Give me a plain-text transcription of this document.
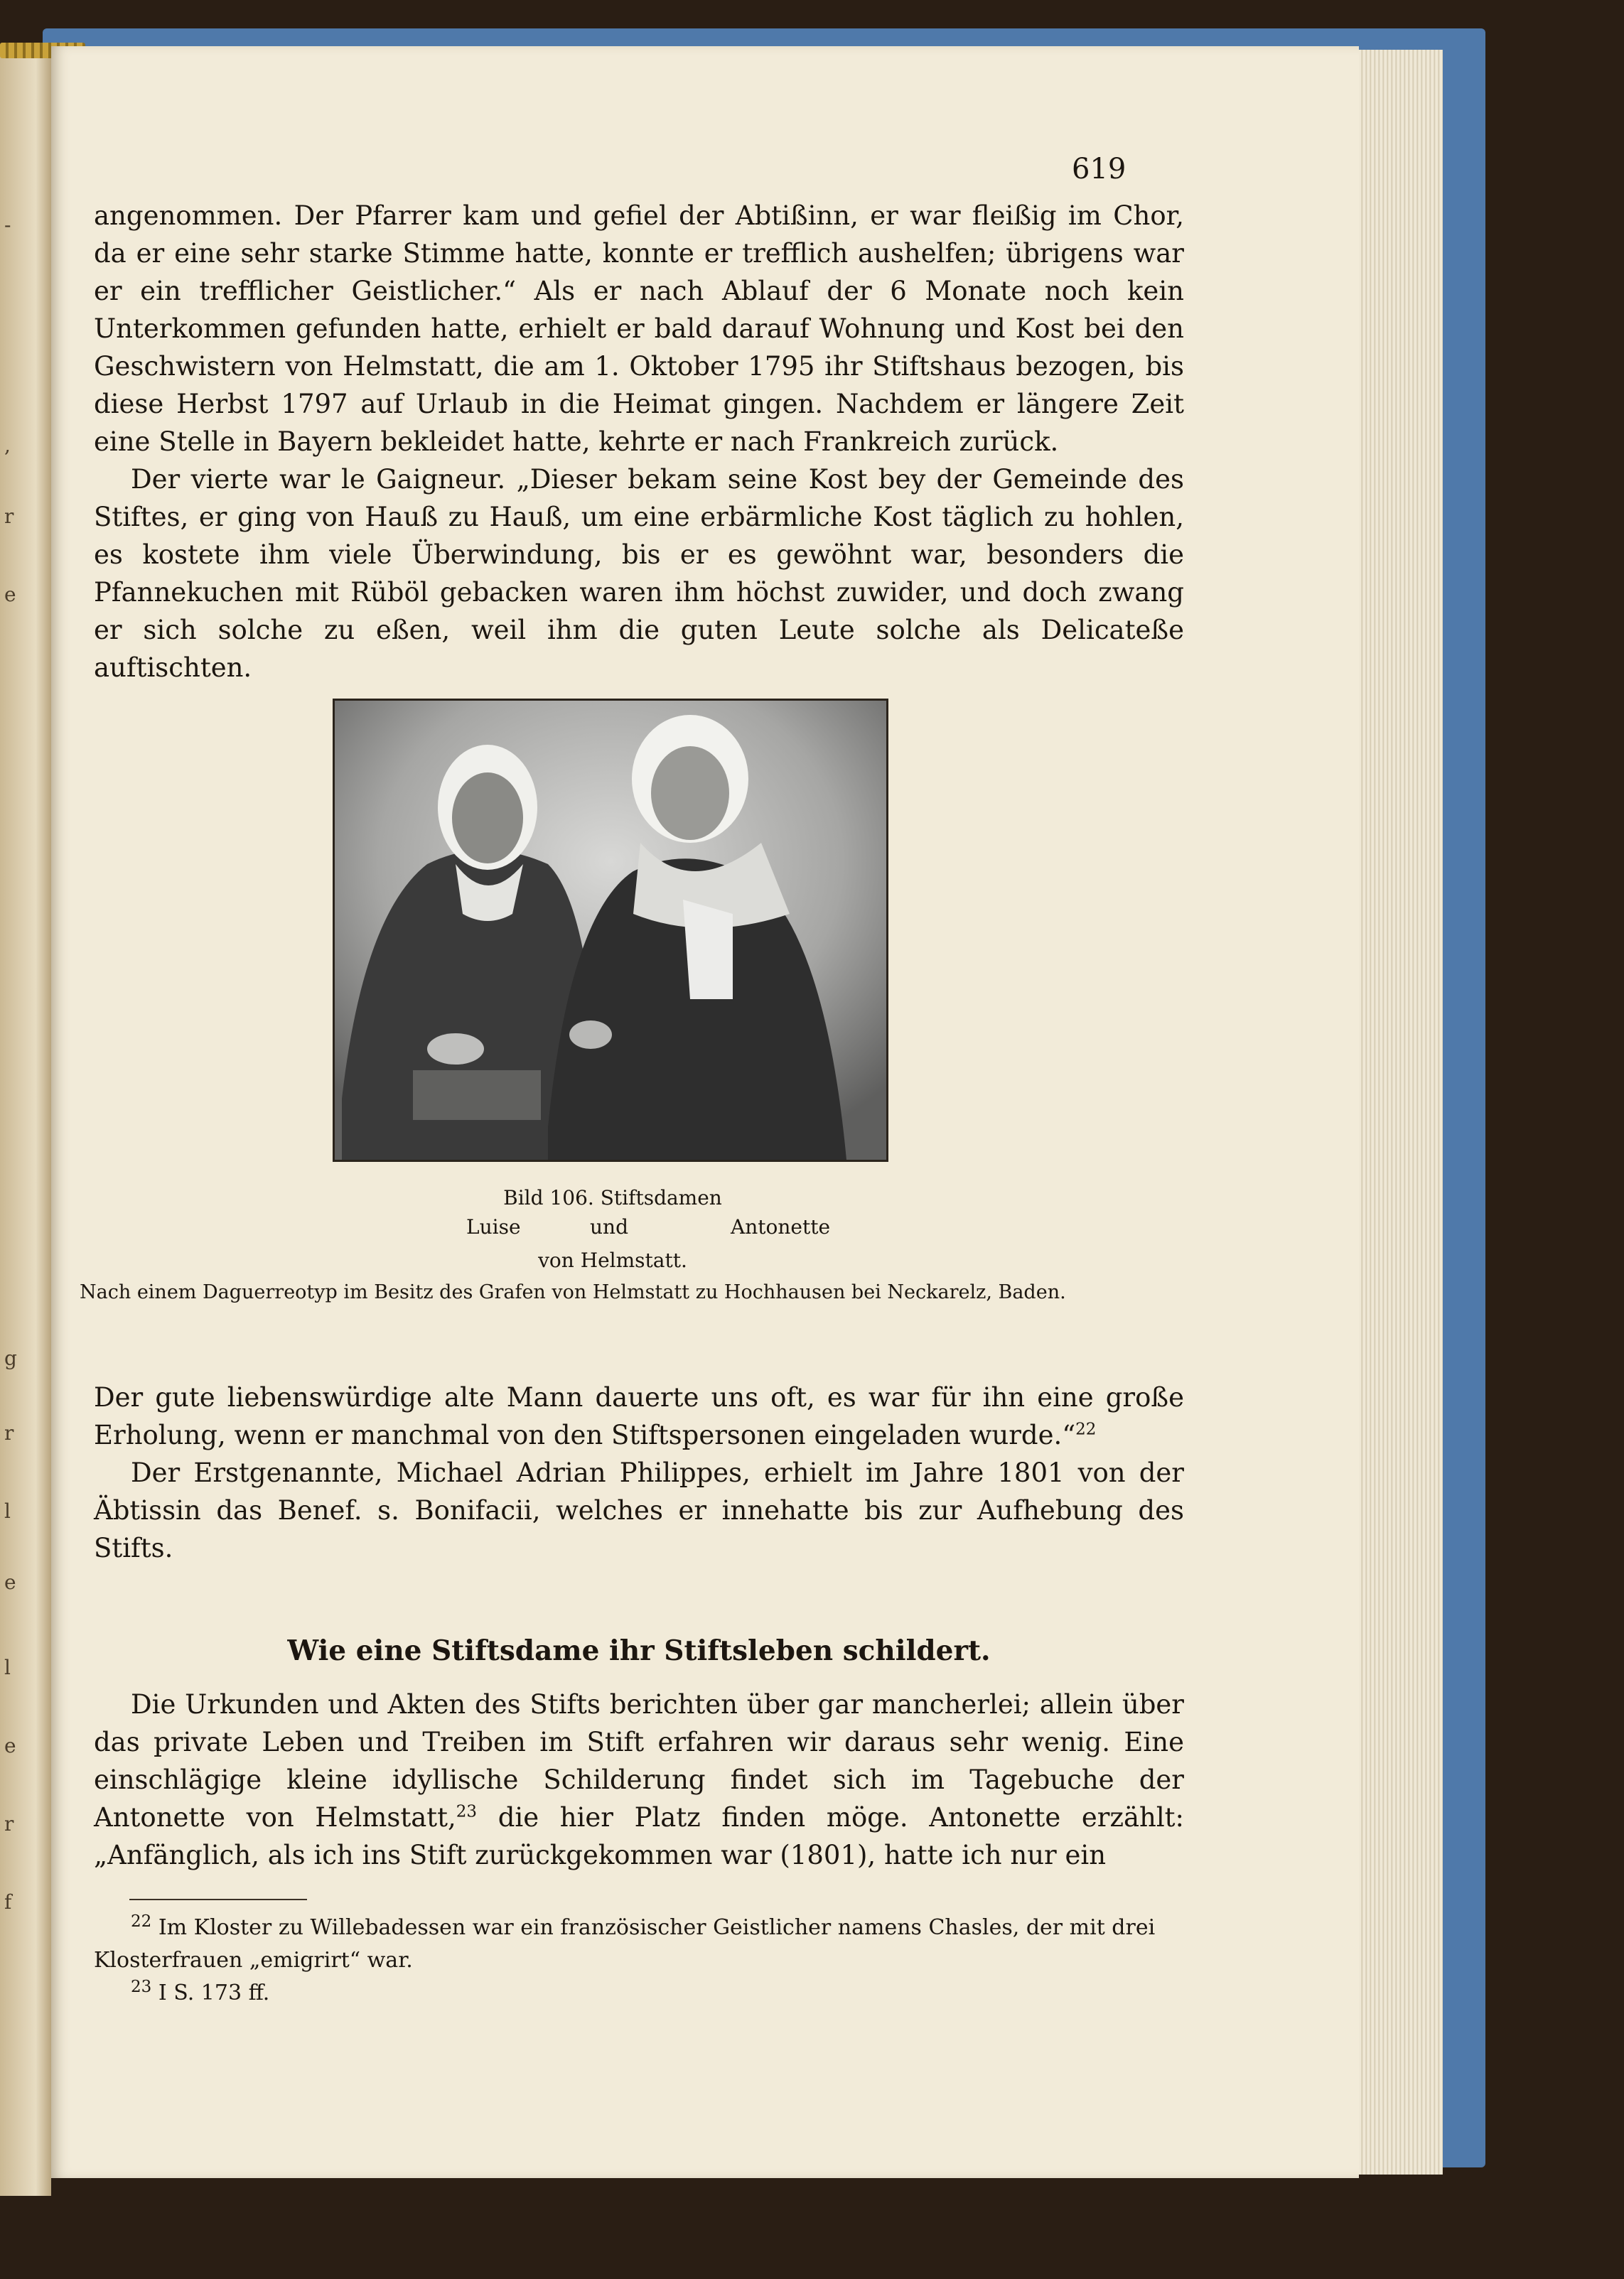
-
,
r
e
g
r
l
e
l
e
r
f
619

angenommen. Der Pfarrer kam und gefiel der Abtißinn, er war fleißig im Chor, da er eine sehr starke Stimme hatte, konnte er trefflich aushelfen; übrigens war er ein trefflicher Geistlicher.“ Als er nach Ablauf der 6 Monate noch kein Unterkommen gefunden hatte, erhielt er bald darauf Wohnung und Kost bei den Geschwistern von Helmstatt, die am 1. Oktober 1795 ihr Stiftshaus bezogen, bis diese Herbst 1797 auf Urlaub in die Heimat gingen. Nachdem er längere Zeit eine Stelle in Bayern bekleidet hatte, kehrte er nach Frankreich zurück.

Der vierte war le Gaigneur. „Dieser bekam seine Kost bey der Gemeinde des Stiftes, er ging von Hauß zu Hauß, um eine erbärmliche Kost täglich zu hohlen, es kostete ihm viele Überwindung, bis er es gewöhnt war, besonders die Pfannekuchen mit Rüböl gebacken waren ihm höchst zuwider, und doch zwang er sich solche zu eßen, weil ihm die guten Leute solche als Delicateße auftischten.

Bild 106. Stiftsdamen
Luise	und	Antonette
von Helmstatt.
Nach einem Daguerreotyp im Besitz des Grafen von Helmstatt zu Hochhausen bei Neckarelz, Baden.

Der gute liebenswürdige alte Mann dauerte uns oft, es war für ihn eine große Erholung, wenn er manchmal von den Stiftspersonen eingeladen wurde.“$^{22}$

Der Erstgenannte, Michael Adrian Philippes, erhielt im Jahre 1801 von der Äbtissin das Benef. s. Bonifacii, welches er innehatte bis zur Aufhebung des Stifts.

Wie eine Stiftsdame ihr Stiftsleben schildert.

Die Urkunden und Akten des Stifts berichten über gar mancherlei; allein über das private Leben und Treiben im Stift erfahren wir daraus sehr wenig. Eine einschlägige kleine idyllische Schilderung findet sich im Tagebuche der Antonette von Helmstatt,$^{23}$ die hier Platz finden möge. Antonette erzählt: „Anfänglich, als ich ins Stift zurückgekommen war (1801), hatte ich nur ein

$^{22}$ Im Kloster zu Willebadessen war ein französischer Geistlicher namens Chasles, der mit drei Klosterfrauen „emigrirt“ war.

$^{23}$ I S. 173 ff.
